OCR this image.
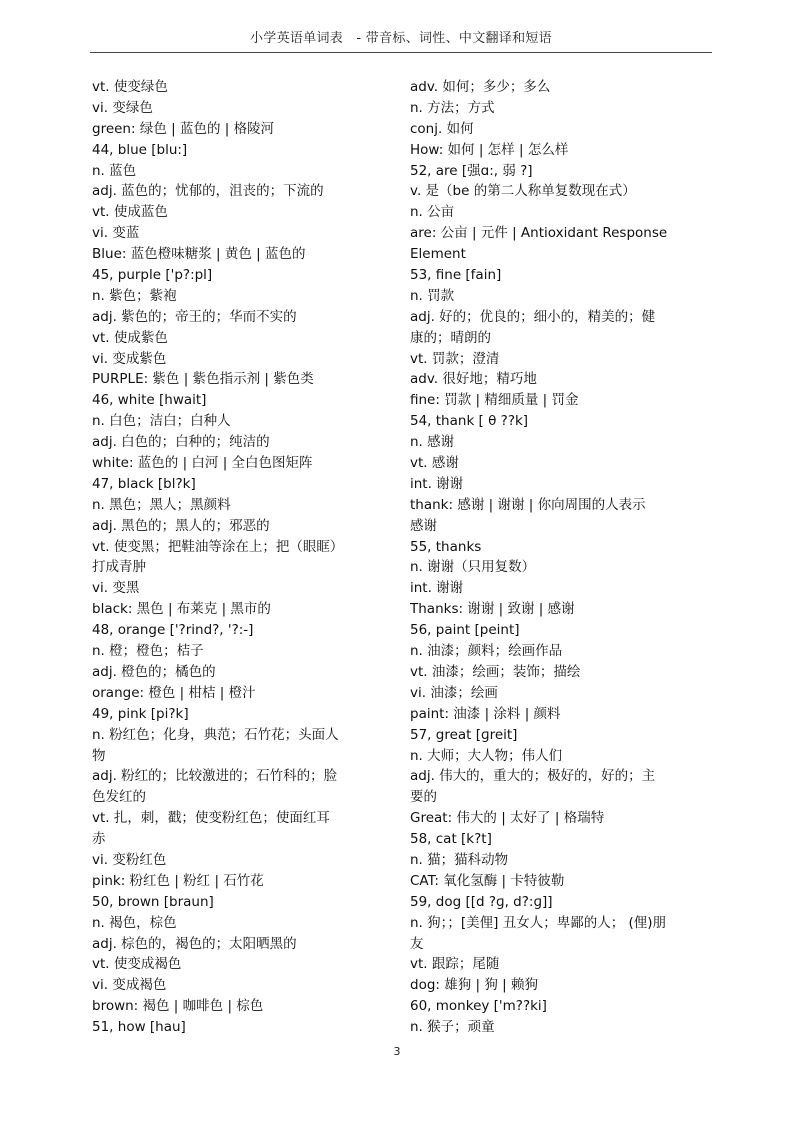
小学英语单词表　- 带音标、词性、中文翻译和短语
vt. 使变绿色
vi. 变绿色
green: 绿色 | 蓝色的 | 格陵河
44, blue [blu:]
n. 蓝色
adj. 蓝色的；忧郁的，沮丧的；下流的
vt. 使成蓝色
vi. 变蓝
Blue: 蓝色橙味糖浆 | 黄色 | 蓝色的
45, purple ['p?:pl]
n. 紫色；紫袍
adj. 紫色的；帝王的；华而不实的
vt. 使成紫色
vi. 变成紫色
PURPLE: 紫色 | 紫色指示剂 | 紫色类
46, white [hwait]
n. 白色；洁白；白种人
adj. 白色的；白种的；纯洁的
white: 蓝色的 | 白河 | 全白色图矩阵
47, black [bl?k]
n. 黑色；黑人；黑颜料
adj. 黑色的；黑人的；邪恶的
vt. 使变黑；把鞋油等涂在上；把（眼眶）
打成青肿
vi. 变黑
black: 黑色 | 布莱克 | 黑市的
48, orange ['?rind?, '?:-]
n. 橙；橙色；桔子
adj. 橙色的；橘色的
orange: 橙色 | 柑桔 | 橙汁
49, pink [pi?k]
n. 粉红色；化身，典范；石竹花；头面人
物
adj. 粉红的；比较激进的；石竹科的；脸
色发红的
vt. 扎，刺，戳；使变粉红色；使面红耳
赤
vi. 变粉红色
pink: 粉红色 | 粉红 | 石竹花
50, brown [braun]
n. 褐色，棕色
adj. 棕色的，褐色的；太阳晒黑的
vt. 使变成褐色
vi. 变成褐色
brown: 褐色 | 咖啡色 | 棕色
51, how [hau]
adv. 如何；多少；多么
n. 方法；方式
conj. 如何
How: 如何 | 怎样 | 怎么样
52, are [强ɑ:, 弱 ?]
v. 是（be 的第二人称单复数现在式）
n. 公亩
are: 公亩 | 元件 | Antioxidant Response
Element
53, fine [fain]
n. 罚款
adj. 好的；优良的；细小的，精美的；健
康的；晴朗的
vt. 罚款；澄清
adv. 很好地；精巧地
fine: 罚款 | 精细质量 | 罚金
54, thank [ θ ??k]
n. 感谢
vt. 感谢
int. 谢谢
thank: 感谢 | 谢谢 | 你向周围的人表示
感谢
55, thanks
n. 谢谢（只用复数）
int. 谢谢
Thanks: 谢谢 | 致谢 | 感谢
56, paint [peint]
n. 油漆；颜料；绘画作品
vt. 油漆；绘画；装饰；描绘
vi. 油漆；绘画
paint: 油漆 | 涂料 | 颜料
57, great [ɡreit]
n. 大师；大人物；伟人们
adj. 伟大的，重大的；极好的，好的；主
要的
Great: 伟大的 | 太好了 | 格瑞特
58, cat [k?t]
n. 猫；猫科动物
CAT: 氧化氢酶 | 卡特彼勒
59, dog [[d ?ɡ, d?:ɡ]]
n. 狗；；[美俚] 丑女人；卑鄙的人； (俚)朋
友
vt. 跟踪；尾随
dog: 雄狗 | 狗 | 赖狗
60, monkey ['m??ki]
n. 猴子；顽童
3
